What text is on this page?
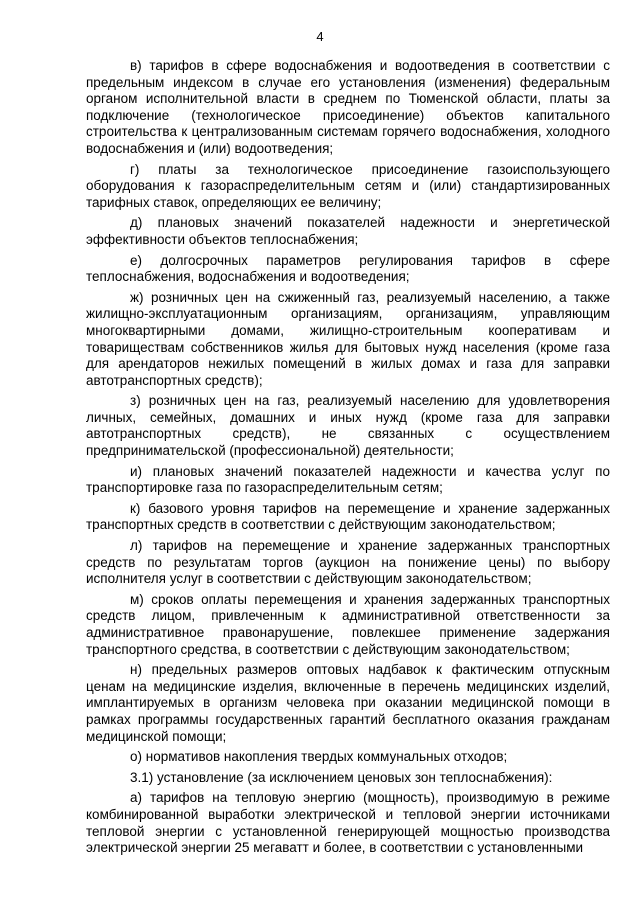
4

в) тарифов в сфере водоснабжения и водоотведения в соответствии с предельным индексом в случае его установления (изменения) федеральным органом исполнительной власти в среднем по Тюменской области, платы за подключение (технологическое присоединение) объектов капитального строительства к централизованным системам горячего водоснабжения, холодного водоснабжения и (или) водоотведения;

г) платы за технологическое присоединение газоиспользующего оборудования к газораспределительным сетям и (или) стандартизированных тарифных ставок, определяющих ее величину;

д) плановых значений показателей надежности и энергетической эффективности объектов теплоснабжения;

е) долгосрочных параметров регулирования тарифов в сфере теплоснабжения, водоснабжения и водоотведения;

ж) розничных цен на сжиженный газ, реализуемый населению, а также жилищно-эксплуатационным организациям, организациям, управляющим многоквартирными домами, жилищно-строительным кооперативам и товариществам собственников жилья для бытовых нужд населения (кроме газа для арендаторов нежилых помещений в жилых домах и газа для заправки автотранспортных средств);

з) розничных цен на газ, реализуемый населению для удовлетворения личных, семейных, домашних и иных нужд (кроме газа для заправки автотранспортных средств), не связанных с осуществлением предпринимательской (профессиональной) деятельности;

и) плановых значений показателей надежности и качества услуг по транспортировке газа по газораспределительным сетям;

к) базового уровня тарифов на перемещение и хранение задержанных транспортных средств в соответствии с действующим законодательством;

л) тарифов на перемещение и хранение задержанных транспортных средств по результатам торгов (аукцион на понижение цены) по выбору исполнителя услуг в соответствии с действующим законодательством;

м) сроков оплаты перемещения и хранения задержанных транспортных средств лицом, привлеченным к административной ответственности за административное правонарушение, повлекшее применение задержания транспортного средства, в соответствии с действующим законодательством;

н) предельных размеров оптовых надбавок к фактическим отпускным ценам на медицинские изделия, включенные в перечень медицинских изделий, имплантируемых в организм человека при оказании медицинской помощи в рамках программы государственных гарантий бесплатного оказания гражданам медицинской помощи;

о) нормативов накопления твердых коммунальных отходов;

3.1) установление (за исключением ценовых зон теплоснабжения):

а) тарифов на тепловую энергию (мощность), производимую в режиме комбинированной выработки электрической и тепловой энергии источниками тепловой энергии с установленной генерирующей мощностью производства электрической энергии 25 мегаватт и более, в соответствии с установленными
